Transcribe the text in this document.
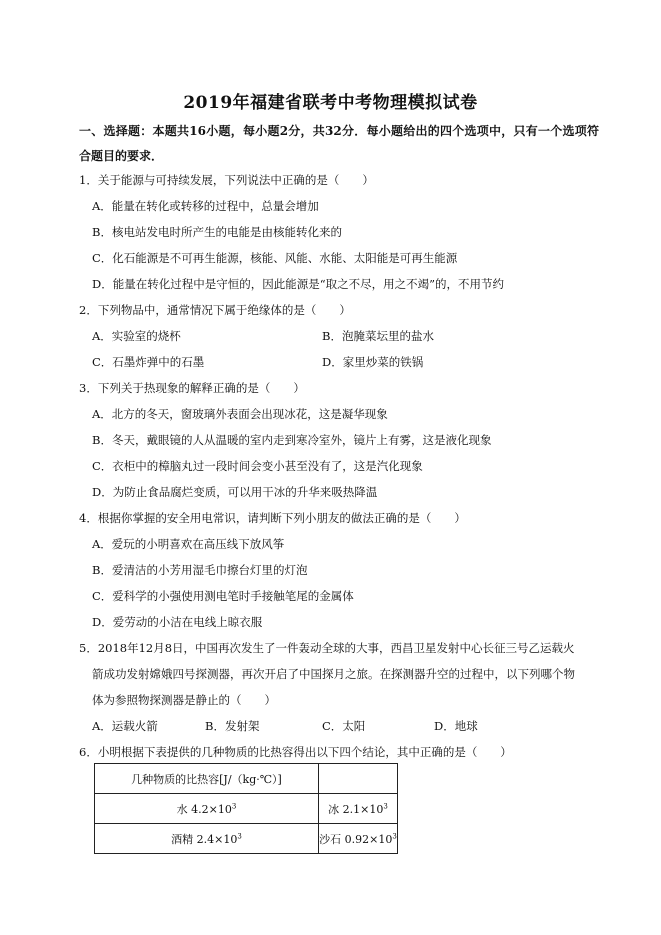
2019年福建省联考中考物理模拟试卷
一、选择题：本题共16小题，每小题2分，共32分．每小题给出的四个选项中，只有一个选项符合题目的要求．
1．关于能源与可持续发展，下列说法中正确的是（　　）
A．能量在转化或转移的过程中，总量会增加
B．核电站发电时所产生的电能是由核能转化来的
C．化石能源是不可再生能源，核能、风能、水能、太阳能是可再生能源
D．能量在转化过程中是守恒的，因此能源是“取之不尽，用之不竭”的，不用节约
2．下列物品中，通常情况下属于绝缘体的是（　　）
A．实验室的烧杯	B．泡腌菜坛里的盐水
C．石墨炸弹中的石墨	D．家里炒菜的铁锅
3．下列关于热现象的解释正确的是（　　）
A．北方的冬天，窗玻璃外表面会出现冰花，这是凝华现象
B．冬天，戴眼镜的人从温暖的室内走到寒冷室外，镜片上有雾，这是液化现象
C．衣柜中的樟脑丸过一段时间会变小甚至没有了，这是汽化现象
D．为防止食品腐烂变质，可以用干冰的升华来吸热降温
4．根据你掌握的安全用电常识，请判断下列小朋友的做法正确的是（　　）
A．爱玩的小明喜欢在高压线下放风筝
B．爱清洁的小芳用湿毛巾擦台灯里的灯泡
C．爱科学的小强使用测电笔时手接触笔尾的金属体
D．爱劳动的小洁在电线上晾衣服
5．2018年12月8日，中国再次发生了一件轰动全球的大事，西昌卫星发射中心长征三号乙运载火
箭成功发射嫦娥四号探测器，再次开启了中国探月之旅。在探测器升空的过程中，以下列哪个物
体为参照物探测器是静止的（　　）
A．运载火箭	B．发射架	C．太阳	D．地球
6．小明根据下表提供的几种物质的比热容得出以下四个结论，其中正确的是（　　）
几种物质的比热容[J/（kg·℃）]	
水 $4.2\times 10^3$	冰 $2.1\times 10^3$
酒精 $2.4\times 10^3$	沙石 $0.92\times 10^3$
